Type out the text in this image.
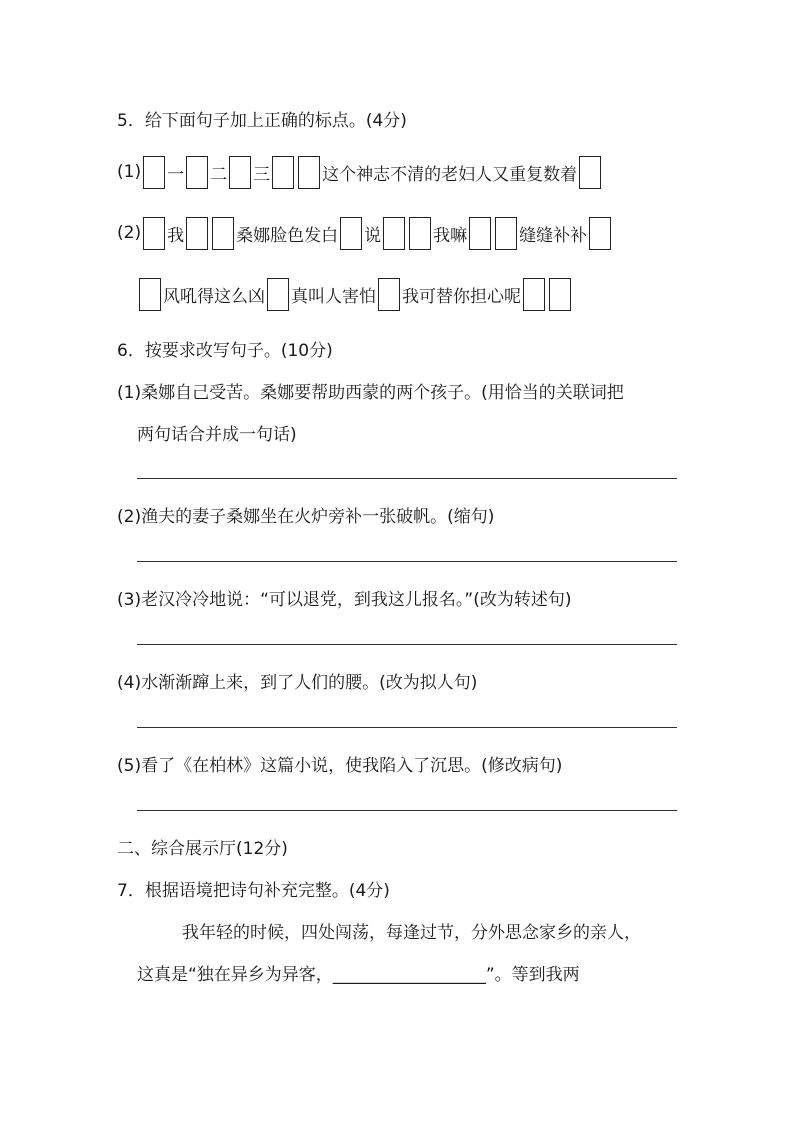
5．给下面句子加上正确的标点。(4分)
(1) 一 二 三	这个神志不清的老妇人又重复数着
(2) 我	桑娜脸色发白 说	我嘛	缝缝补补
风吼得这么凶 真叫人害怕 我可替你担心呢
6．按要求改写句子。(10分)
(1)桑娜自己受苦。桑娜要帮助西蒙的两个孩子。(用恰当的关联词把
两句话合并成一句话)
(2)渔夫的妻子桑娜坐在火炉旁补一张破帆。(缩句)
(3)老汉冷冷地说：“可以退党，到我这儿报名。”(改为转述句)
(4)水渐渐蹿上来，到了人们的腰。(改为拟人句)
(5)看了《在柏林》这篇小说，使我陷入了沉思。(修改病句)
二、综合展示厅(12分)
7．根据语境把诗句补充完整。(4分)
我年轻的时候，四处闯荡，每逢过节，分外思念家乡的亲人，
这真是“独在异乡为异客，__________________”。等到我两
